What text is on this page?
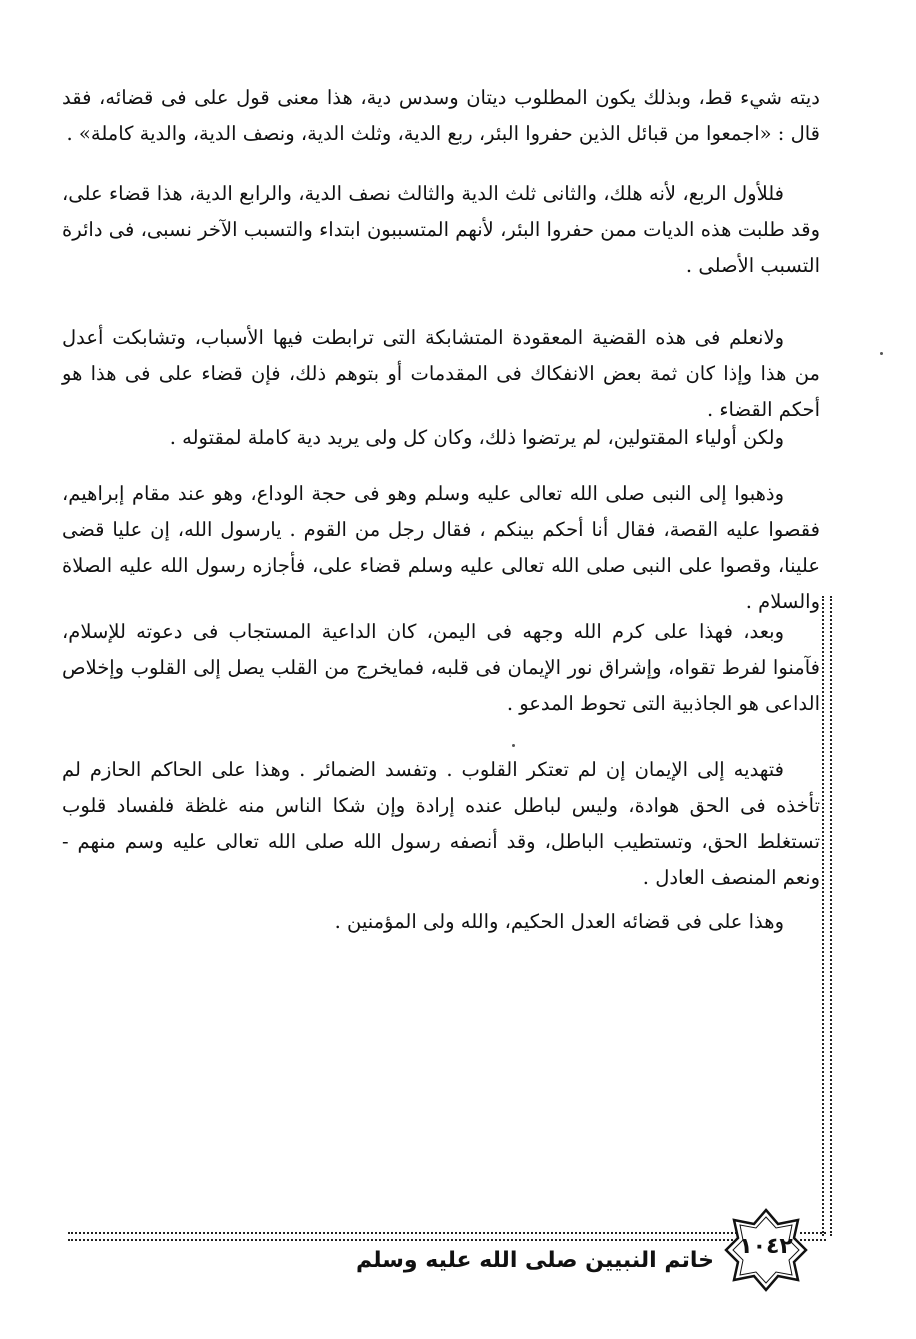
ديته شيء قط، وبذلك يكون المطلوب ديتان وسدس دية، هذا معنى قول على فى قضائه، فقد قال : «اجمعوا من قبائل الذين حفروا البئر، ربع الدية، وثلث الدية، ونصف الدية، والدية كاملة» .

فللأول الربع، لأنه هلك، والثانى ثلث الدية والثالث نصف الدية، والرابع الدية، هذا قضاء على، وقد طلبت هذه الديات ممن حفروا البئر، لأنهم المتسببون ابتداء والتسبب الآخر نسبى، فى دائرة التسبب الأصلى .

ولانعلم فى هذه القضية المعقودة المتشابكة التى ترابطت فيها الأسباب، وتشابكت أعدل من هذا وإذا كان ثمة بعض الانفكاك فى المقدمات أو بتوهم ذلك، فإن قضاء على فى هذا هو أحكم القضاء .

ولكن أولياء المقتولين، لم يرتضوا ذلك، وكان كل ولى يريد دية كاملة لمقتوله .

وذهبوا إلى النبى صلى الله تعالى عليه وسلم وهو فى حجة الوداع، وهو عند مقام إبراهيم، فقصوا عليه القصة، فقال أنا أحكم بينكم ، فقال رجل من القوم . يارسول الله، إن عليا قضى علينا، وقصوا على النبى صلى الله تعالى عليه وسلم قضاء على، فأجازه رسول الله عليه الصلاة والسلام .

وبعد، فهذا على كرم الله وجهه فى اليمن، كان الداعية المستجاب فى دعوته للإسلام، فآمنوا لفرط تقواه، وإشراق نور الإيمان فى قلبه، فمايخرج من القلب يصل إلى القلوب وإخلاص الداعى هو الجاذبية التى تحوط المدعو .

فتهديه إلى الإيمان إن لم تعتكر القلوب . وتفسد الضمائر . وهذا على الحاكم الحازم لم تأخذه فى الحق هوادة، وليس لباطل عنده إرادة وإن شكا الناس منه غلظة فلفساد قلوب تستغلط الحق، وتستطيب الباطل، وقد أنصفه رسول الله صلى الله تعالى عليه وسم منهم - ونعم المنصف العادل .

وهذا على فى قضائه العدل الحكيم، والله ولى المؤمنين .

١٠٤٢
خاتم النبيين صلى الله عليه وسلم
